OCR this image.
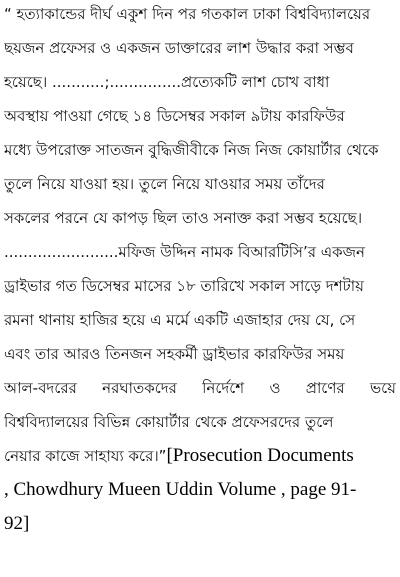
“ হত্যাকান্ডের দীর্ঘ একুশ দিন পর গতকাল ঢাকা বিশ্ববিদ্যালয়ের
ছয়জন প্রফেসর ও একজন ডাক্তারের লাশ উদ্ধার করা সম্ভব
হয়েছে। ...........;...............প্রত্যেকটি লাশ চোখ বাধা
অবস্থায় পাওয়া গেছে ১৪ ডিসেম্বর সকাল ৯টায় কারফিউর
মধ্যে উপরোক্ত সাতজন বুদ্ধিজীবীকে নিজ নিজ কোয়ার্টার থেকে
তুলে নিয়ে যাওয়া হয়। তুলে নিয়ে যাওয়ার সময় তাঁদের
সকলের পরনে যে কাপড় ছিল তাও সনাক্ত করা সম্ভব হয়েছে।
........................মফিজ উদ্দিন নামক বিআরটিসি’র একজন
ড্রাইভার গত ডিসেম্বর মাসের ১৮ তারিখে সকাল সাড়ে দশটায়
রমনা থানায় হাজির হয়ে এ মর্মে একটি এজাহার দেয় যে, সে
এবং তার আরও তিনজন সহকর্মী ড্রাইভার কারফিউর সময়
আল-বদরের নরঘাতকদের নির্দেশে ও প্রাণের ভয়ে
বিশ্ববিদ্যালয়ের বিভিন্ন কোয়ার্টার থেকে প্রফেসরদের তুলে
নেয়ার কাজে সাহায্য করে।”[Prosecution Documents
, Chowdhury Mueen Uddin Volume , page 91-
92]
